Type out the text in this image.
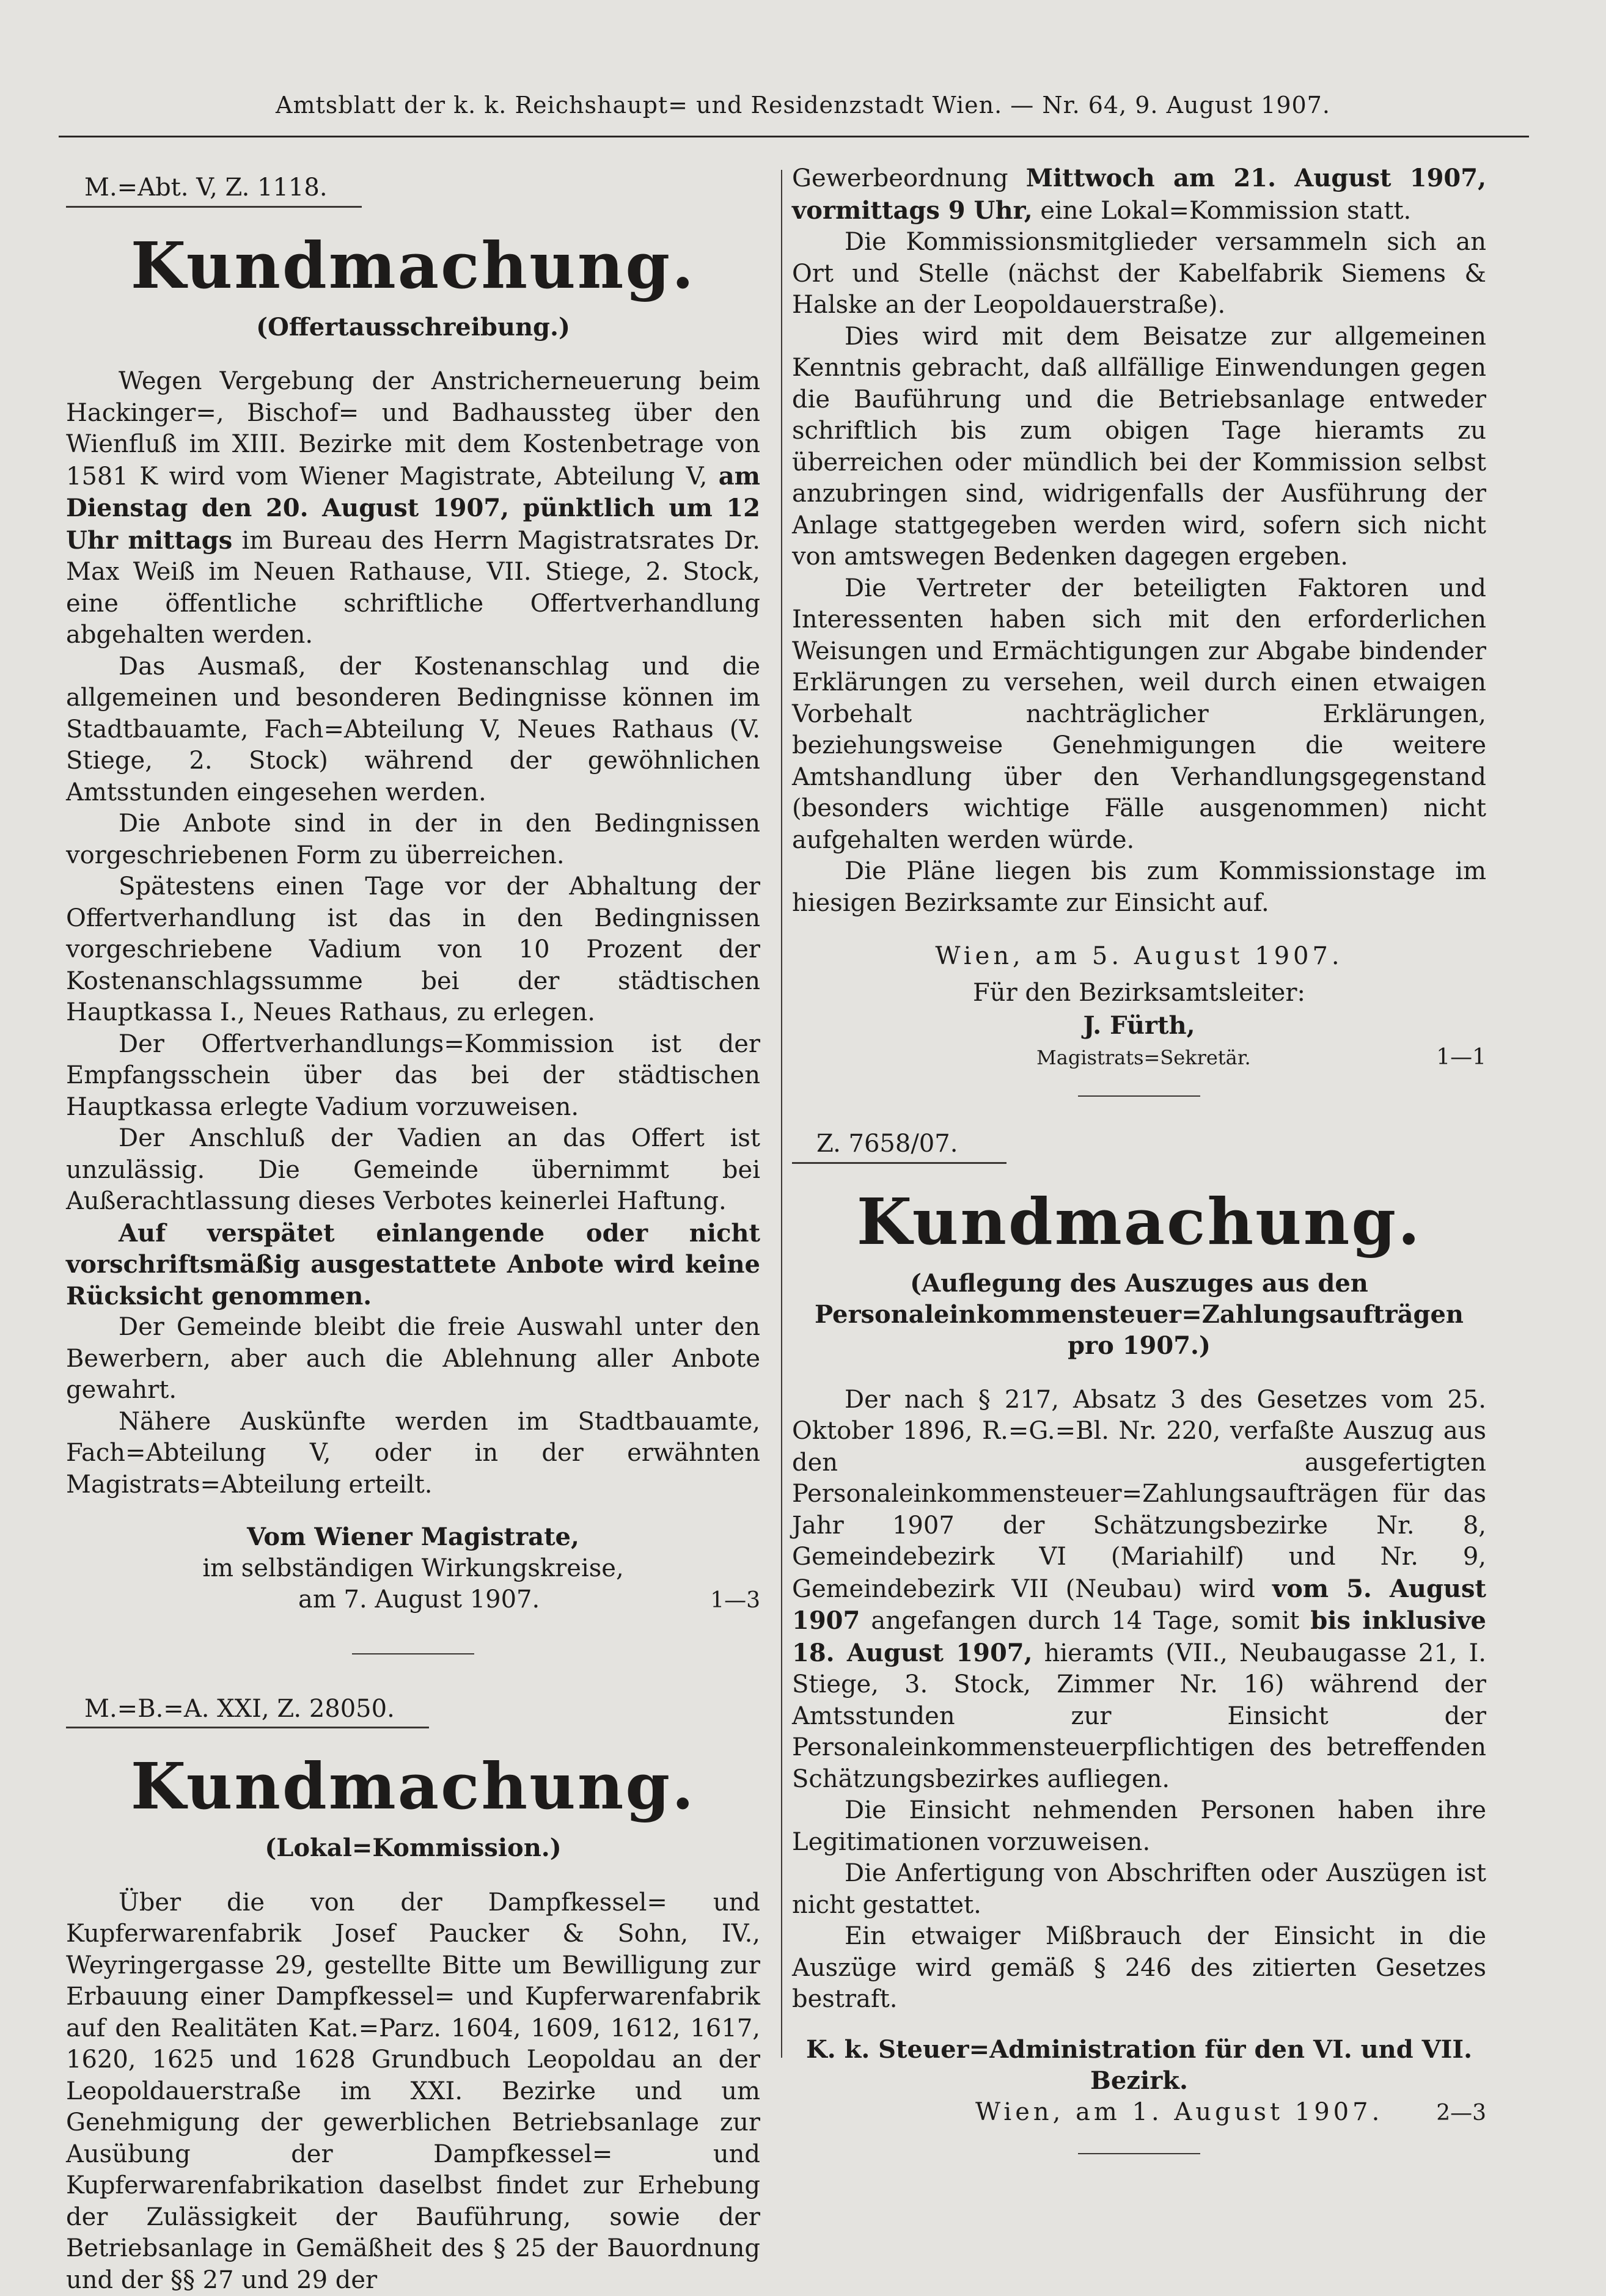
Amtsblatt der k. k. Reichshaupt= und Residenzstadt Wien. — Nr. 64, 9. August 1907.
M.=Abt. V, Z. 1118.
Kundmachung.
(Offertausschreibung.)

Wegen Vergebung der Anstricherneuerung beim Hackinger=, Bischof= und Badhaussteg über den Wienfluß im XIII. Bezirke mit dem Kostenbetrage von 1581 K wird vom Wiener Magistrate, Abteilung V, am Dienstag den 20. August 1907, pünktlich um 12 Uhr mittags im Bureau des Herrn Magistratsrates Dr. Max Weiß im Neuen Rathause, VII. Stiege, 2. Stock, eine öffentliche schriftliche Offertverhandlung abgehalten werden.

Das Ausmaß, der Kostenanschlag und die allgemeinen und besonderen Bedingnisse können im Stadtbauamte, Fach=Abteilung V, Neues Rathaus (V. Stiege, 2. Stock) während der gewöhnlichen Amtsstunden eingesehen werden.

Die Anbote sind in der in den Bedingnissen vorgeschriebenen Form zu überreichen.

Spätestens einen Tage vor der Abhaltung der Offertverhandlung ist das in den Bedingnissen vorgeschriebene Vadium von 10 Prozent der Kostenanschlagssumme bei der städtischen Hauptkassa I., Neues Rathaus, zu erlegen.

Der Offertverhandlungs=Kommission ist der Empfangsschein über das bei der städtischen Hauptkassa erlegte Vadium vorzuweisen.

Der Anschluß der Vadien an das Offert ist unzulässig. Die Gemeinde übernimmt bei Außerachtlassung dieses Verbotes keinerlei Haftung.

Auf verspätet einlangende oder nicht vorschriftsmäßig ausgestattete Anbote wird keine Rücksicht genommen.

Der Gemeinde bleibt die freie Auswahl unter den Bewerbern, aber auch die Ablehnung aller Anbote gewahrt.

Nähere Auskünfte werden im Stadtbauamte, Fach=Abteilung V, oder in der erwähnten Magistrats=Abteilung erteilt.

Vom Wiener Magistrate,
im selbständigen Wirkungskreise,
am 7. August 1907.	1—3
M.=B.=A. XXI, Z. 28050.
Kundmachung.
(Lokal=Kommission.)

Über die von der Dampfkessel= und Kupferwarenfabrik Josef Paucker & Sohn, IV., Weyringergasse 29, gestellte Bitte um Bewilligung zur Erbauung einer Dampfkessel= und Kupferwarenfabrik auf den Realitäten Kat.=Parz. 1604, 1609, 1612, 1617, 1620, 1625 und 1628 Grundbuch Leopoldau an der Leopoldauerstraße im XXI. Bezirke und um Genehmigung der gewerblichen Betriebsanlage zur Ausübung der Dampfkessel= und Kupferwarenfabrikation daselbst findet zur Erhebung der Zulässigkeit der Bauführung, sowie der Betriebsanlage in Gemäßheit des § 25 der Bauordnung und der §§ 27 und 29 der

Gewerbeordnung Mittwoch am 21. August 1907, vormittags 9 Uhr, eine Lokal=Kommission statt.

Die Kommissionsmitglieder versammeln sich an Ort und Stelle (nächst der Kabelfabrik Siemens & Halske an der Leopoldauerstraße).

Dies wird mit dem Beisatze zur allgemeinen Kenntnis gebracht, daß allfällige Einwendungen gegen die Bauführung und die Betriebsanlage entweder schriftlich bis zum obigen Tage hieramts zu überreichen oder mündlich bei der Kommission selbst anzubringen sind, widrigenfalls der Ausführung der Anlage stattgegeben werden wird, sofern sich nicht von amtswegen Bedenken dagegen ergeben.

Die Vertreter der beteiligten Faktoren und Interessenten haben sich mit den erforderlichen Weisungen und Ermächtigungen zur Abgabe bindender Erklärungen zu versehen, weil durch einen etwaigen Vorbehalt nachträglicher Erklärungen, beziehungsweise Genehmigungen die weitere Amtshandlung über den Verhandlungsgegenstand (besonders wichtige Fälle ausgenommen) nicht aufgehalten werden würde.

Die Pläne liegen bis zum Kommissionstage im hiesigen Bezirksamte zur Einsicht auf.

Wien, am 5. August 1907.
Für den Bezirksamtsleiter:
J. Fürth,
Magistrats=Sekretär.	1—1
Z. 7658/07.
Kundmachung.
(Auflegung des Auszuges aus den Personaleinkommensteuer=Zahlungsaufträgen pro 1907.)

Der nach § 217, Absatz 3 des Gesetzes vom 25. Oktober 1896, R.=G.=Bl. Nr. 220, verfaßte Auszug aus den ausgefertigten Personaleinkommensteuer=Zahlungsaufträgen für das Jahr 1907 der Schätzungsbezirke Nr. 8, Gemeindebezirk VI (Mariahilf) und Nr. 9, Gemeindebezirk VII (Neubau) wird vom 5. August 1907 angefangen durch 14 Tage, somit bis inklusive 18. August 1907, hieramts (VII., Neubaugasse 21, I. Stiege, 3. Stock, Zimmer Nr. 16) während der Amtsstunden zur Einsicht der Personaleinkommensteuerpflichtigen des betreffenden Schätzungsbezirkes aufliegen.

Die Einsicht nehmenden Personen haben ihre Legitimationen vorzuweisen.

Die Anfertigung von Abschriften oder Auszügen ist nicht gestattet.

Ein etwaiger Mißbrauch der Einsicht in die Auszüge wird gemäß § 246 des zitierten Gesetzes bestraft.

K. k. Steuer=Administration für den VI. und VII. Bezirk.
Wien, am 1. August 1907. 2—3
